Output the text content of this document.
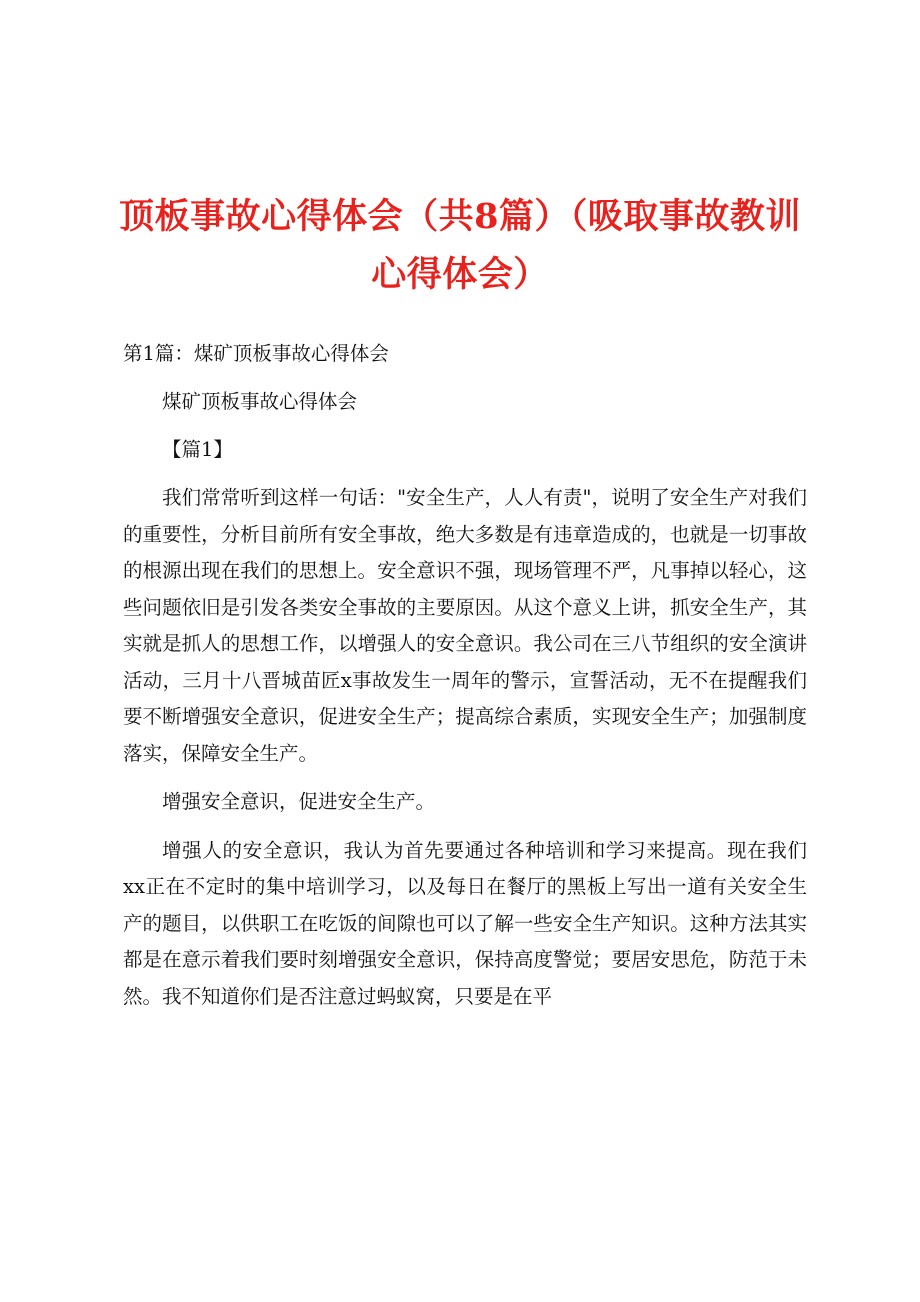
顶板事故心得体会（共8篇）（吸取事故教训心得体会）
第1篇：煤矿顶板事故心得体会
煤矿顶板事故心得体会
【篇1】

我们常常听到这样一句话："安全生产，人人有责"，说明了安全生产对我们的重要性，分析目前所有安全事故，绝大多数是有违章造成的，也就是一切事故的根源出现在我们的思想上。安全意识不强，现场管理不严，凡事掉以轻心，这些问题依旧是引发各类安全事故的主要原因。从这个意义上讲，抓安全生产，其实就是抓人的思想工作，以增强人的安全意识。我公司在三八节组织的安全演讲活动，三月十八晋城苗匠x事故发生一周年的警示，宣誓活动，无不在提醒我们要不断增强安全意识，促进安全生产；提高综合素质，实现安全生产；加强制度落实，保障安全生产。

增强安全意识，促进安全生产。

增强人的安全意识，我认为首先要通过各种培训和学习来提高。现在我们xx正在不定时的集中培训学习，以及每日在餐厅的黑板上写出一道有关安全生产的题目，以供职工在吃饭的间隙也可以了解一些安全生产知识。这种方法其实都是在意示着我们要时刻增强安全意识，保持高度警觉；要居安思危，防范于未然。我不知道你们是否注意过蚂蚁窝，只要是在平
